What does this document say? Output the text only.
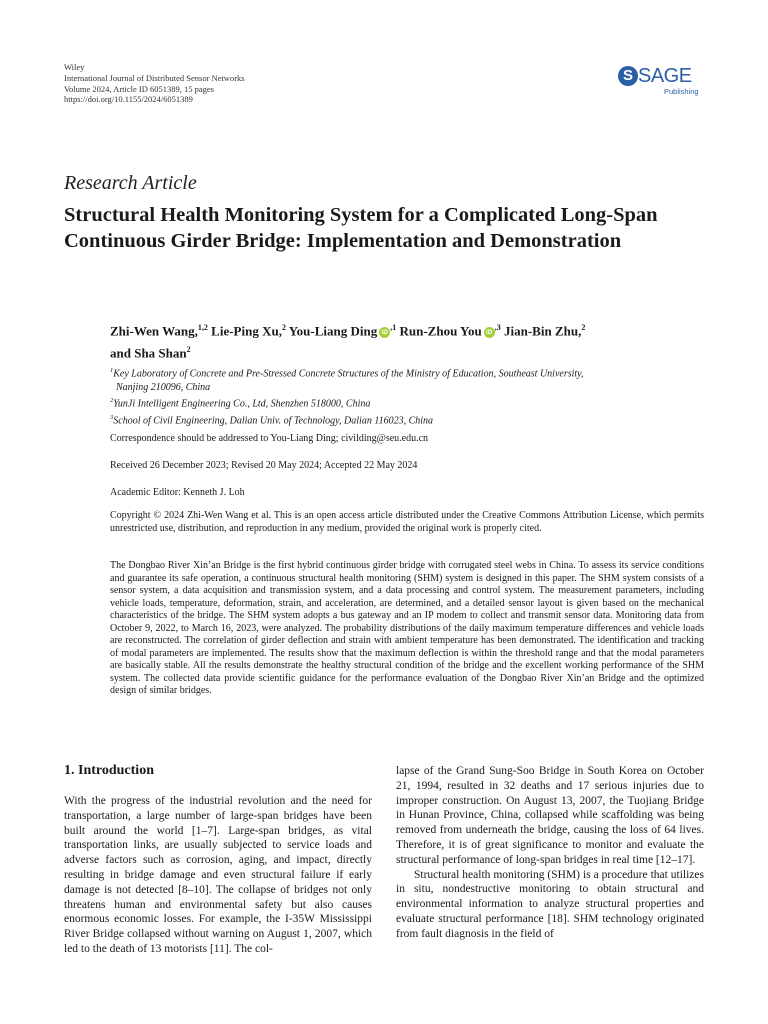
Wiley
International Journal of Distributed Sensor Networks
Volume 2024, Article ID 6051389, 15 pages
https://doi.org/10.1155/2024/6051389
S SAGE
Publishing
Research Article
Structural Health Monitoring System for a Complicated Long-Span Continuous Girder Bridge: Implementation and Demonstration
Zhi-Wen Wang,$^{1,2}$ Lie-Ping Xu,$^2$ You-Liang Ding $iD^{,1}$ Run-Zhou You $iD^{,3}$ Jian-Bin Zhu,$^2$
and Sha Shan$^2$
$^1$Key Laboratory of Concrete and Pre-Stressed Concrete Structures of the Ministry of Education, Southeast University,
Nanjing 210096, China
$^2$YunJi Intelligent Engineering Co., Ltd, Shenzhen 518000, China
$^3$School of Civil Engineering, Dalian Univ. of Technology, Dalian 116023, China
Correspondence should be addressed to You-Liang Ding; civilding@seu.edu.cn
Received 26 December 2023; Revised 20 May 2024; Accepted 22 May 2024
Academic Editor: Kenneth J. Loh
Copyright © 2024 Zhi-Wen Wang et al. This is an open access article distributed under the Creative Commons Attribution License, which permits unrestricted use, distribution, and reproduction in any medium, provided the original work is properly cited.
The Dongbao River Xin’an Bridge is the first hybrid continuous girder bridge with corrugated steel webs in China. To assess its service conditions and guarantee its safe operation, a continuous structural health monitoring (SHM) system is designed in this paper. The SHM system consists of a sensor system, a data acquisition and transmission system, and a data processing and control system. The measurement parameters, including vehicle loads, temperature, deformation, strain, and acceleration, are determined, and a detailed sensor layout is given based on the mechanical characteristics of the bridge. The SHM system adopts a bus gateway and an IP modem to collect and transmit sensor data. Monitoring data from October 9, 2022, to March 16, 2023, were analyzed. The probability distributions of the daily maximum temperature differences and vehicle loads are reconstructed. The correlation of girder deflection and strain with ambient temperature has been demonstrated. The identification and tracking of modal parameters are implemented. The results show that the maximum deflection is within the threshold range and that the modal parameters are basically stable. All the results demonstrate the healthy structural condition of the bridge and the excellent working performance of the SHM system. The collected data provide scientific guidance for the performance evaluation of the Dongbao River Xin’an Bridge and the optimized design of similar bridges.
1. Introduction

With the progress of the industrial revolution and the need for transportation, a large number of large-span bridges have been built around the world [1–7]. Large-span bridges, as vital transportation links, are usually subjected to service loads and adverse factors such as corrosion, aging, and impact, directly resulting in bridge damage and even structural failure if early damage is not detected [8–10]. The collapse of bridges not only threatens human and environmental safety but also causes enormous economic losses. For example, the I-35W Mississippi River Bridge collapsed without warning on August 1, 2007, which led to the death of 13 motorists [11]. The col-

lapse of the Grand Sung-Soo Bridge in South Korea on October 21, 1994, resulted in 32 deaths and 17 serious injuries due to improper construction. On August 13, 2007, the Tuojiang Bridge in Hunan Province, China, collapsed while scaffolding was being removed from underneath the bridge, causing the loss of 64 lives. Therefore, it is of great significance to monitor and evaluate the structural performance of long-span bridges in real time [12–17].

Structural health monitoring (SHM) is a procedure that utilizes in situ, nondestructive monitoring to obtain structural and environmental information to analyze structural properties and evaluate structural performance [18]. SHM technology originated from fault diagnosis in the field of
